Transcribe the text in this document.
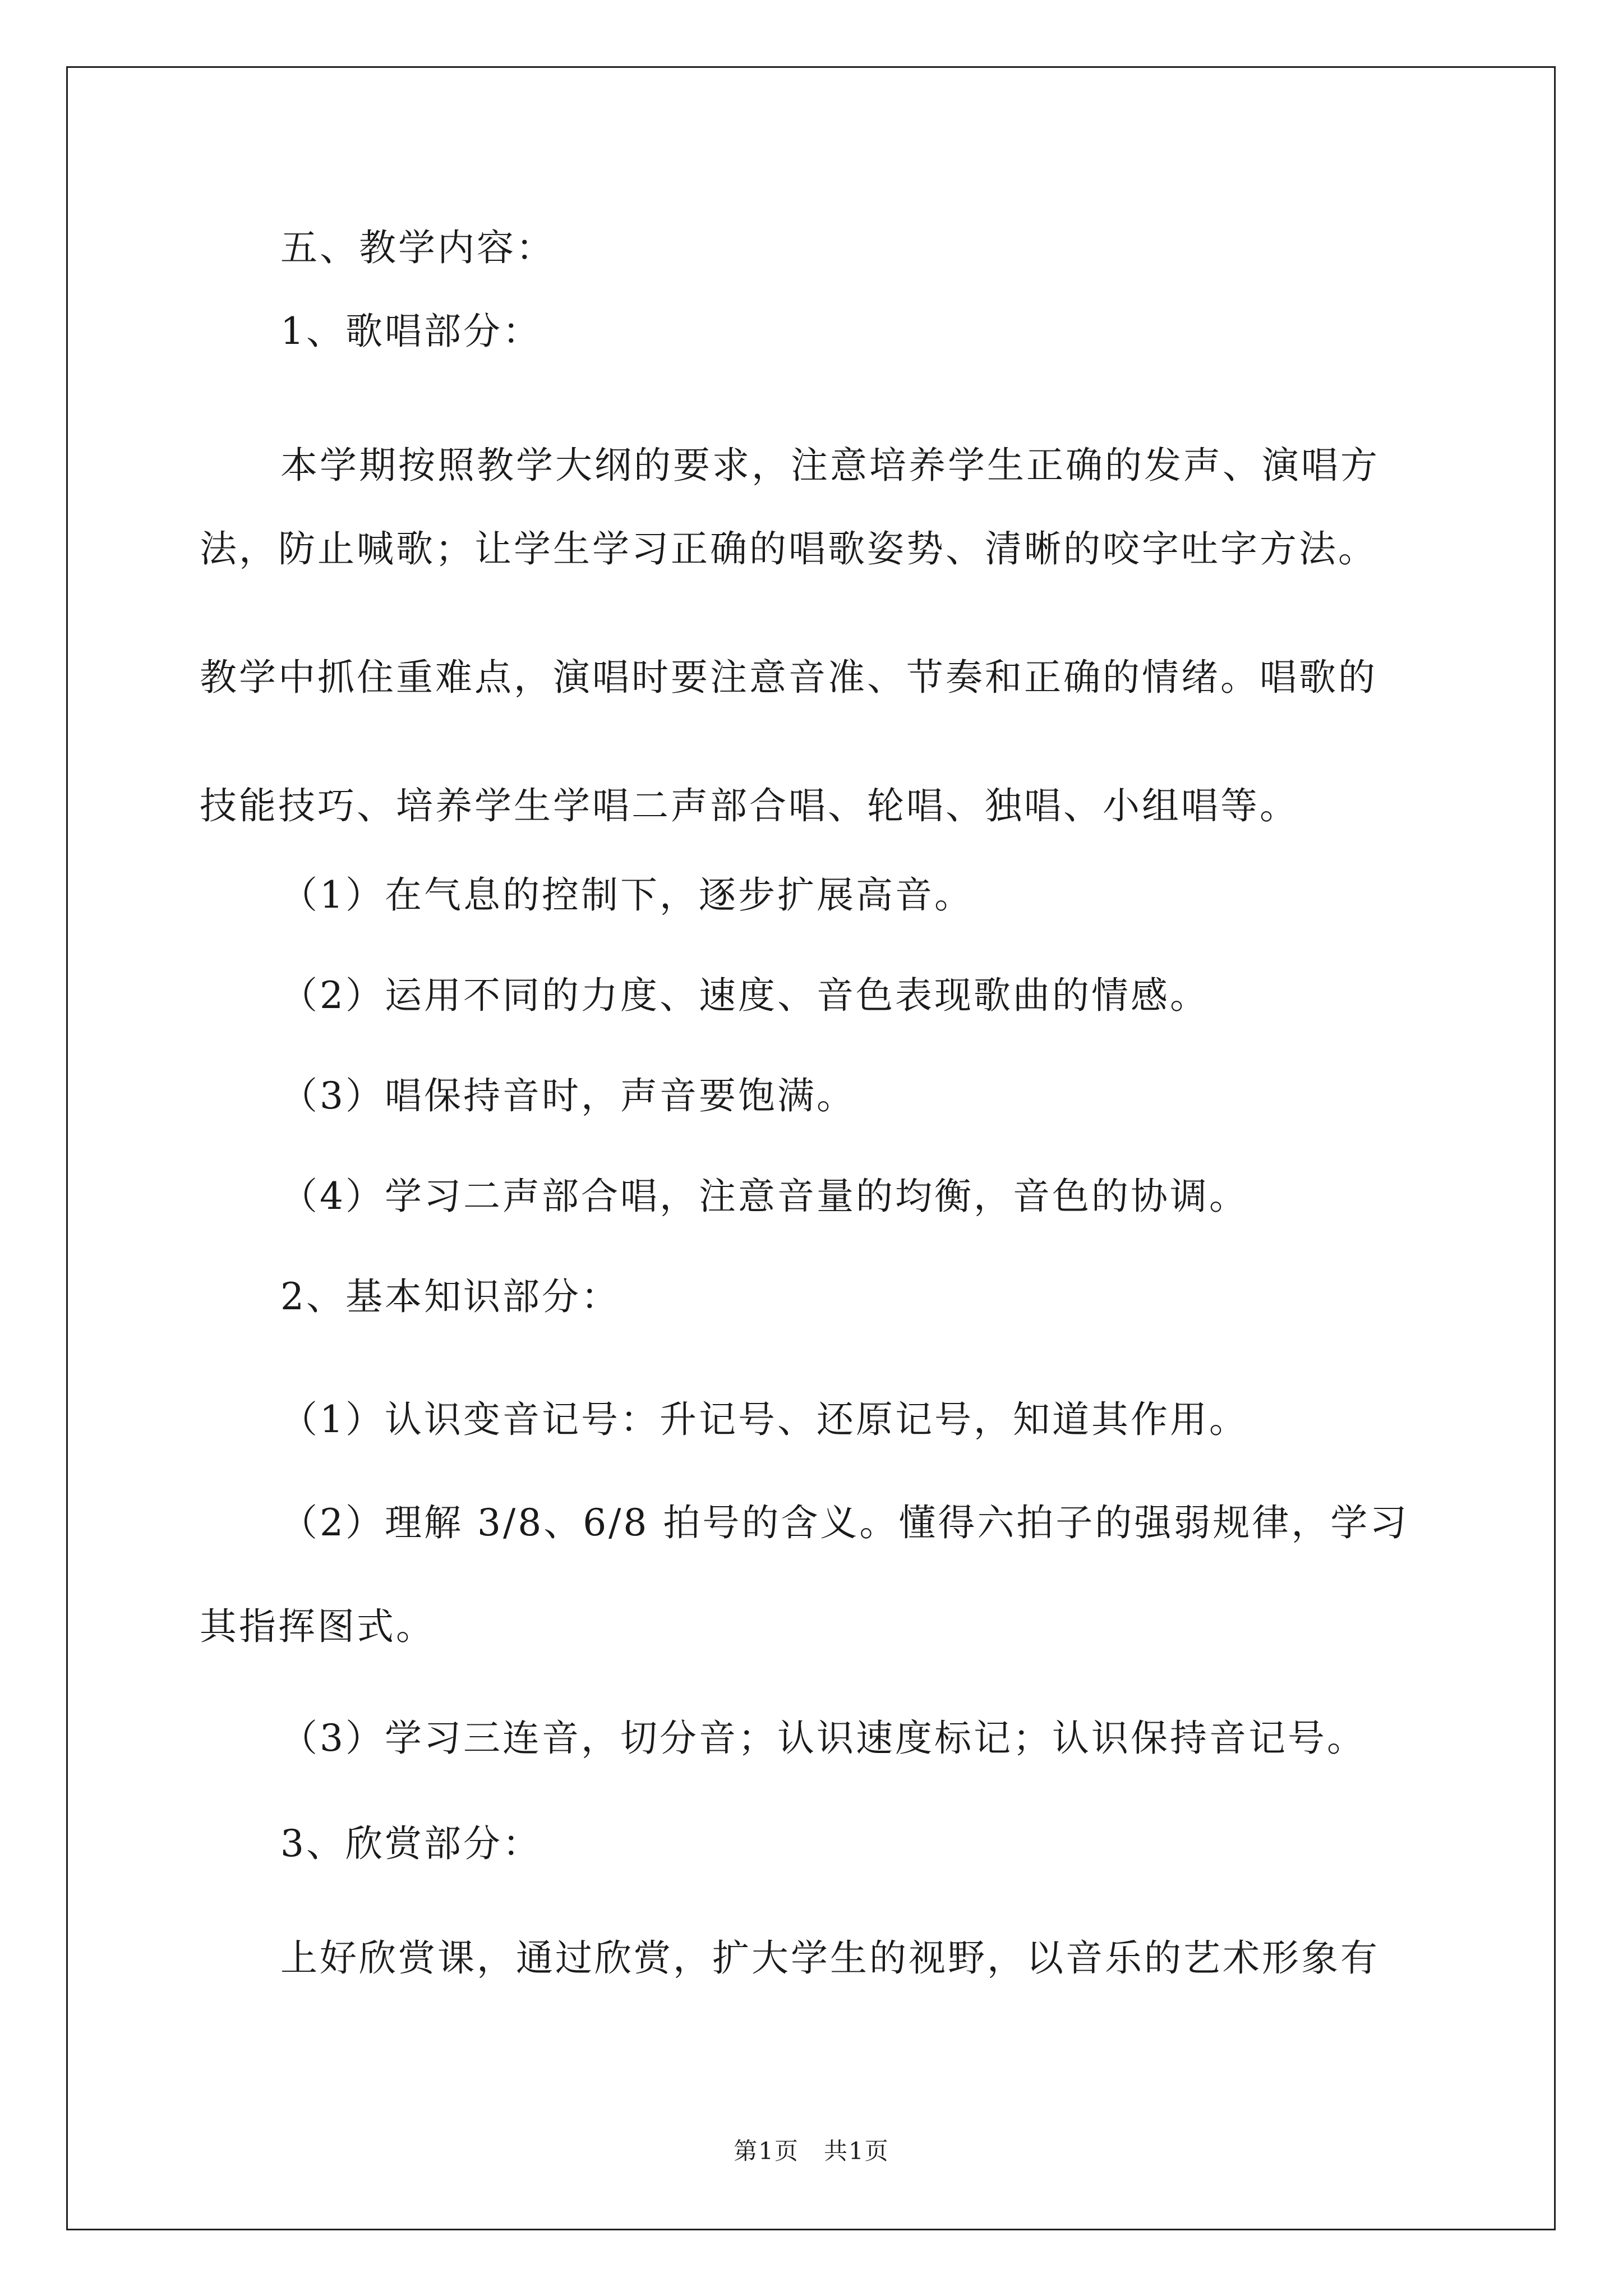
五、教学内容：
1、歌唱部分：
本学期按照教学大纲的要求，注意培养学生正确的发声、演唱方
法，防止喊歌；让学生学习正确的唱歌姿势、清晰的咬字吐字方法。
教学中抓住重难点，演唱时要注意音准、节奏和正确的情绪。唱歌的
技能技巧、培养学生学唱二声部合唱、轮唱、独唱、小组唱等。
（1）在气息的控制下，逐步扩展高音。
（2）运用不同的力度、速度、音色表现歌曲的情感。
（3）唱保持音时，声音要饱满。
（4）学习二声部合唱，注意音量的均衡，音色的协调。
2、基本知识部分：
（1）认识变音记号：升记号、还原记号，知道其作用。
（2）理解 3/8、6/8 拍号的含义。懂得六拍子的强弱规律，学习
其指挥图式。
（3）学习三连音，切分音；认识速度标记；认识保持音记号。
3、欣赏部分：
上好欣赏课，通过欣赏，扩大学生的视野，以音乐的艺术形象有
第1页　共1页
